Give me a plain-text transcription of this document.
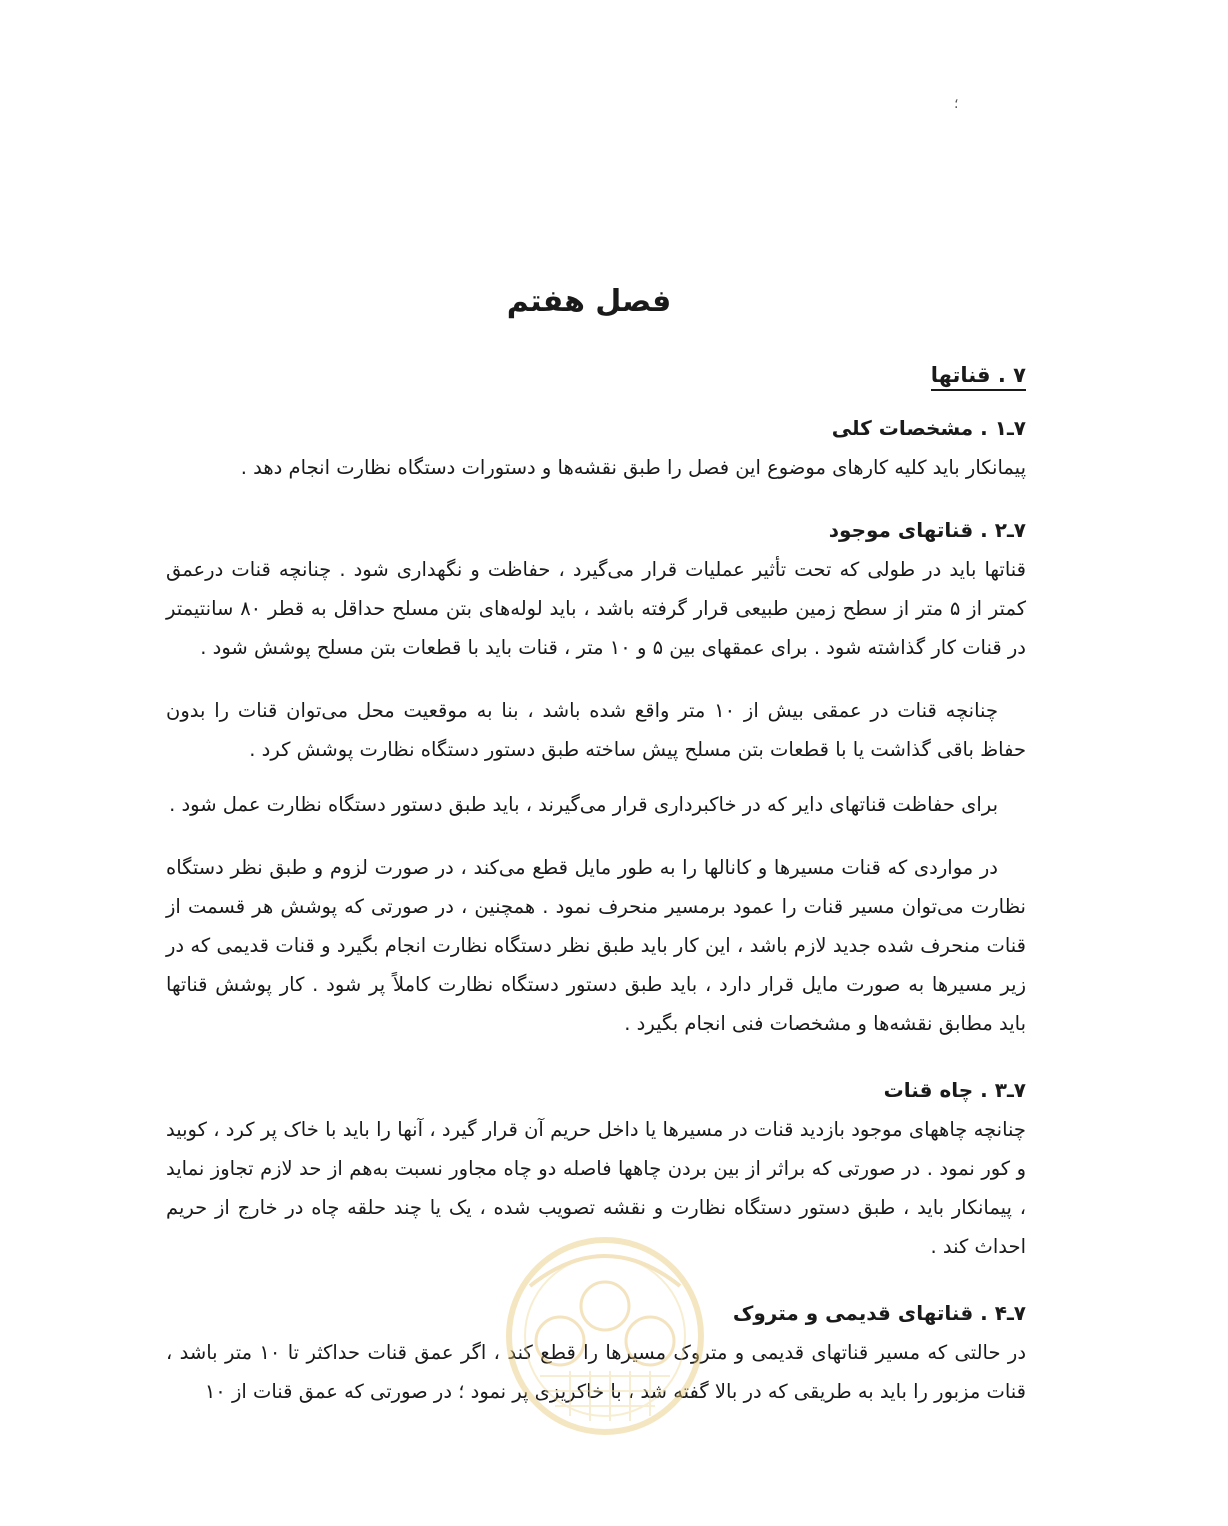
؛
فصل هفتم
۷ . قناتها
۷ـ۱ . مشخصات کلی

پیمانکار باید کلیه کارهای موضوع این فصل را طبق نقشه‌ها و دستورات دستگاه نظارت انجام دهد .

۷ـ۲ . قناتهای موجود

قناتها باید در طولی که تحت تأثیر عملیات قرار می‌گیرد ، حفاظت و نگهداری شود . چنانچه قنات درعمق کمتر از ۵ متر از سطح زمین طبیعی قرار گرفته باشد ، باید لوله‌های بتن مسلح حداقل به قطر ۸۰ سانتیمتر در قنات کار گذاشته شود . برای عمقهای بین ۵ و ۱۰ متر ، قنات باید با قطعات بتن مسلح پوشش شود .

چنانچه قنات در عمقی بیش از ۱۰ متر واقع شده باشد ، بنا به موقعیت محل می‌توان قنات را بدون حفاظ باقی گذاشت یا با قطعات بتن مسلح پیش ساخته طبق دستور دستگاه نظارت پوشش کرد .

برای حفاظت قناتهای دایر که در خاکبرداری قرار می‌گیرند ، باید طبق دستور دستگاه نظارت عمل شود .

در مواردی که قنات مسیرها و کانالها را به طور مایل قطع می‌کند ، در صورت لزوم و طبق نظر دستگاه نظارت می‌توان مسیر قنات را عمود برمسیر منحرف نمود . همچنین ، در صورتی که پوشش هر قسمت از قنات منحرف شده جدید لازم باشد ، این کار باید طبق نظر دستگاه نظارت انجام بگیرد و قنات قدیمی که در زیر مسیرها به صورت مایل قرار دارد ، باید طبق دستور دستگاه نظارت کاملاً پر شود . کار پوشش قناتها باید مطابق نقشه‌ها و مشخصات فنی انجام بگیرد .

۷ـ۳ . چاه قنات

چنانچه چاههای موجود بازدید قنات در مسیرها یا داخل حریم آن قرار گیرد ، آنها را باید با خاک پر کرد ، کوبید و کور نمود . در صورتی که براثر از بین بردن چاهها فاصله دو چاه مجاور نسبت به‌هم از حد لازم تجاوز نماید ، پیمانکار باید ، طبق دستور دستگاه نظارت و نقشه تصویب شده ، یک یا چند حلقه چاه در خارج از حریم احداث کند .

۷ـ۴ . قناتهای قدیمی و متروک

در حالتی که مسیر قناتهای قدیمی و متروک مسیرها را قطع کند ، اگر عمق قنات حداکثر تا ۱۰ متر باشد ، قنات مزبور را باید به طریقی که در بالا گفته شد ، با خاکریزی پر نمود ؛ در صورتی که عمق قنات از ۱۰
